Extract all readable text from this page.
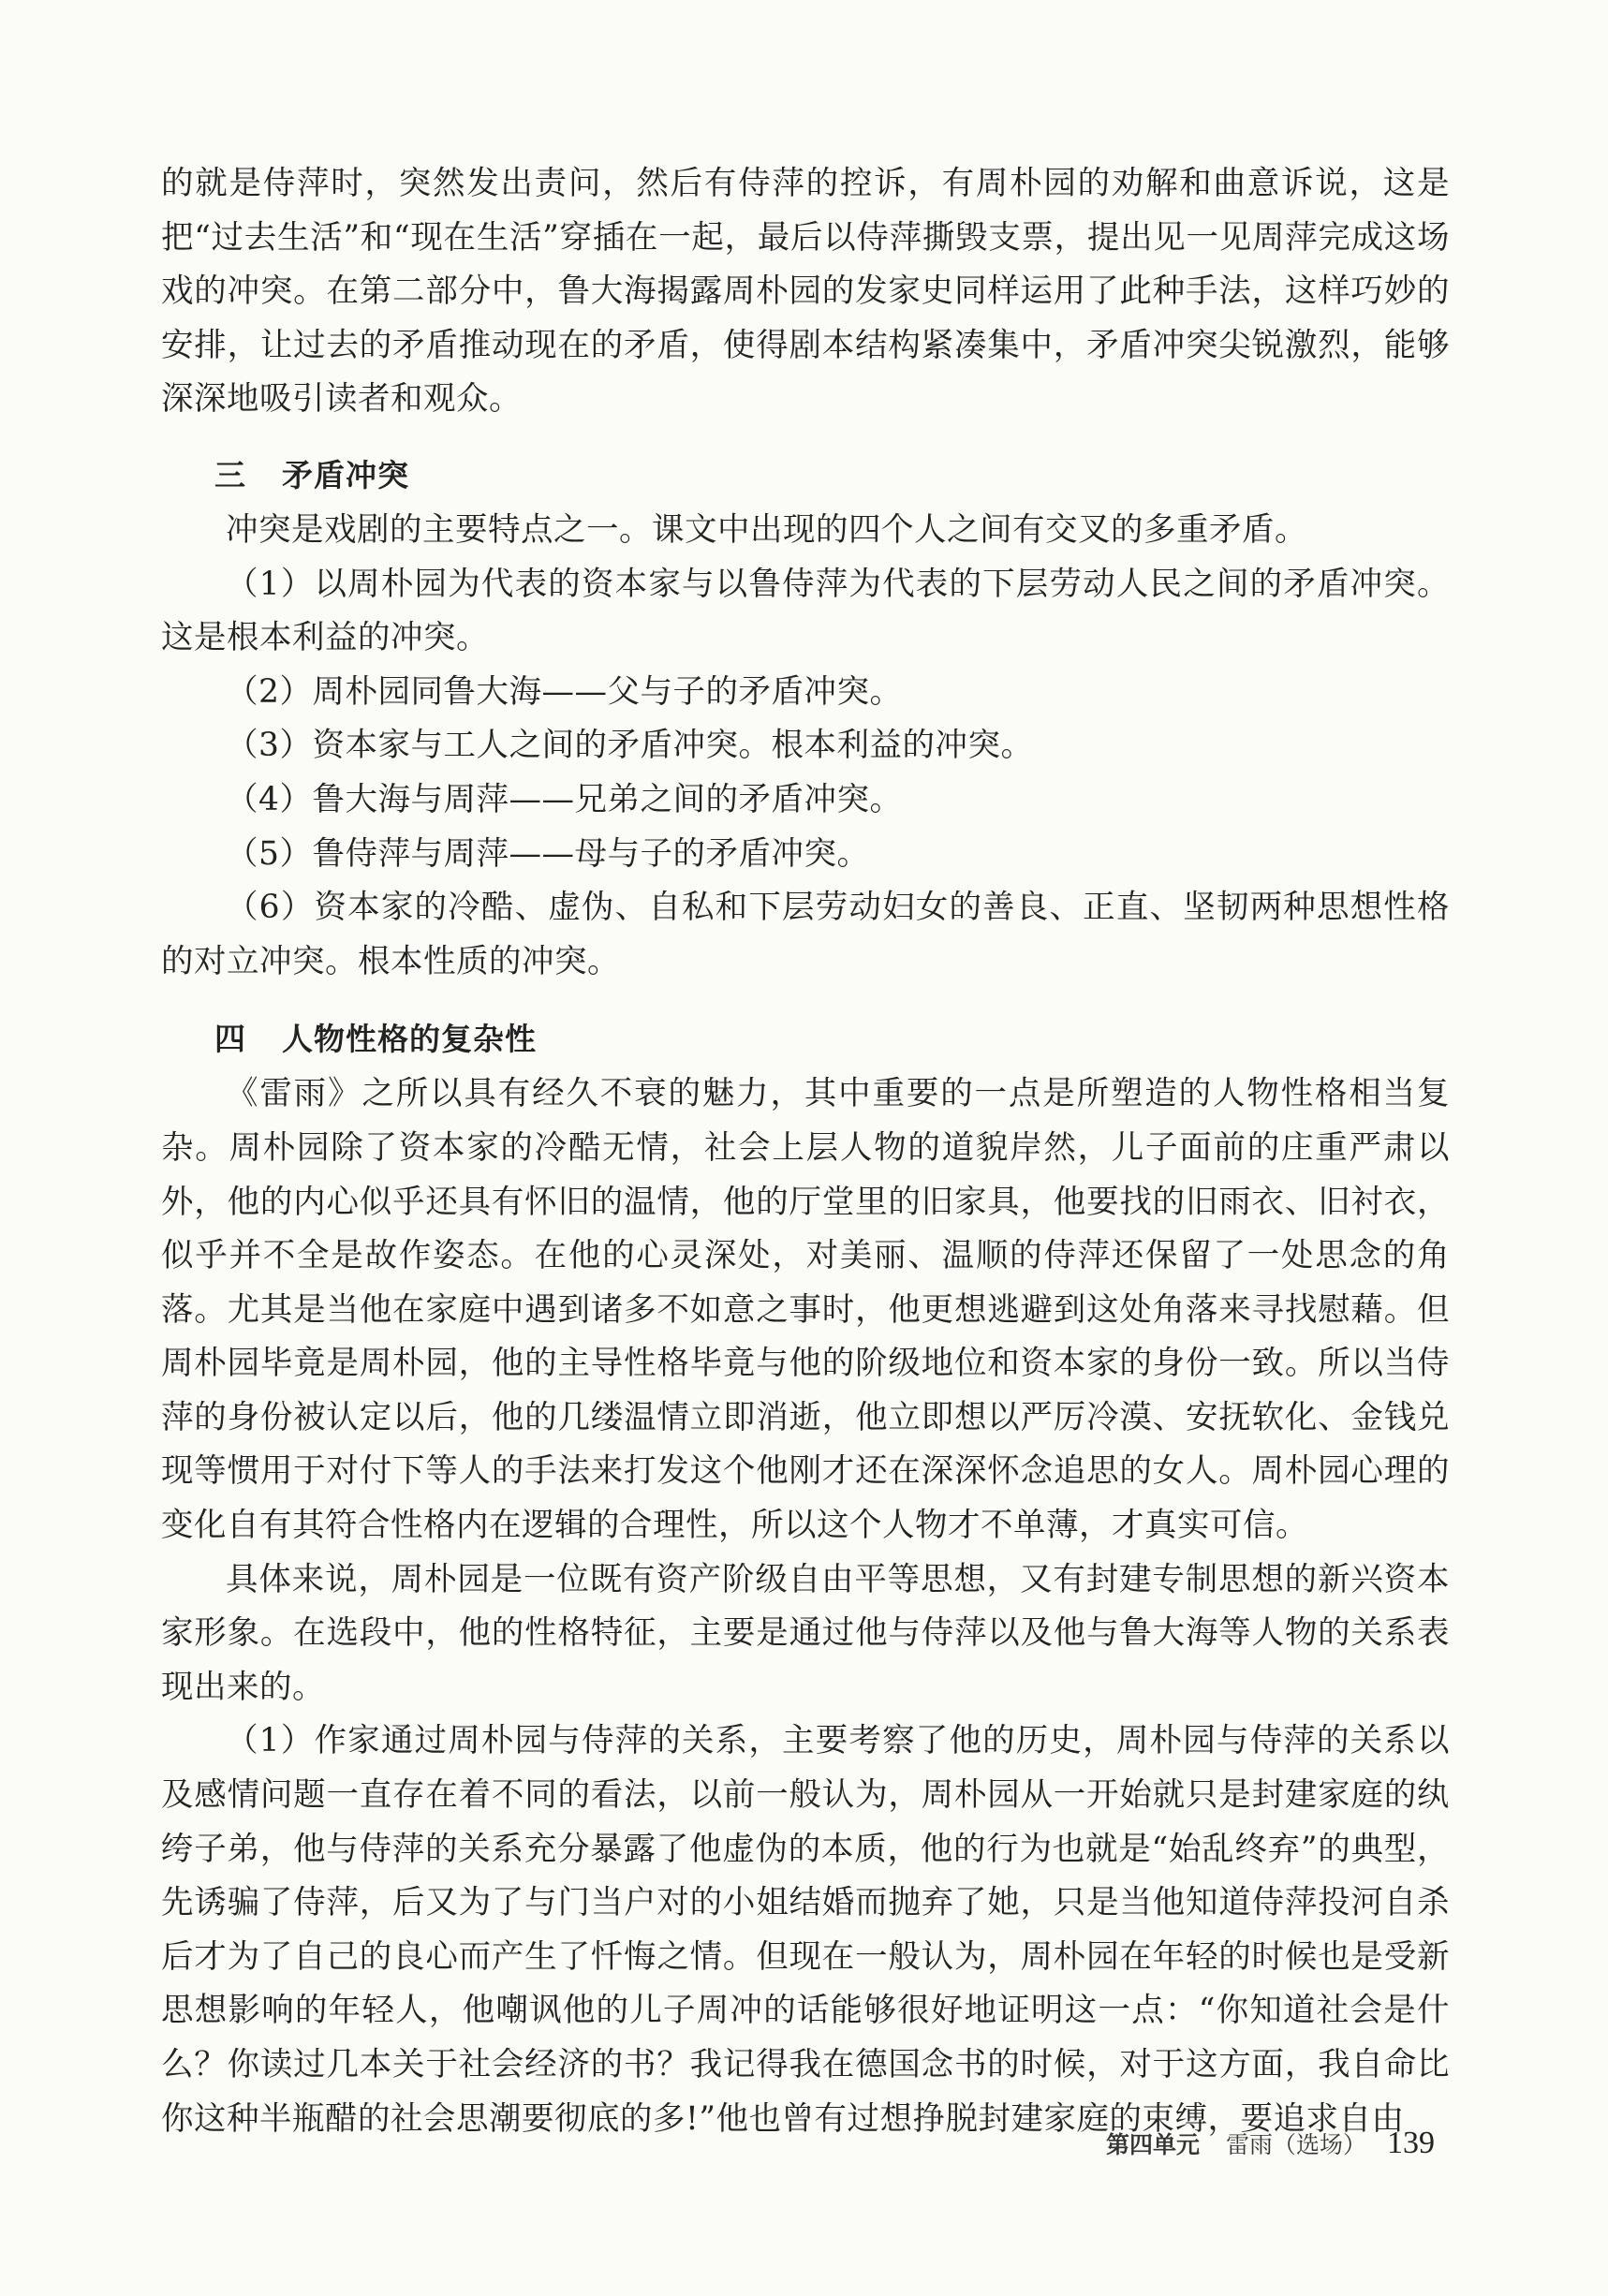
的就是侍萍时，突然发出责问，然后有侍萍的控诉，有周朴园的劝解和曲意诉说，这是把“过去生活”和“现在生活”穿插在一起，最后以侍萍撕毁支票，提出见一见周萍完成这场戏的冲突。在第二部分中，鲁大海揭露周朴园的发家史同样运用了此种手法，这样巧妙的安排，让过去的矛盾推动现在的矛盾，使得剧本结构紧凑集中，矛盾冲突尖锐激烈，能够深深地吸引读者和观众。

三 矛盾冲突

冲突是戏剧的主要特点之一。课文中出现的四个人之间有交叉的多重矛盾。

（1）以周朴园为代表的资本家与以鲁侍萍为代表的下层劳动人民之间的矛盾冲突。这是根本利益的冲突。

（2）周朴园同鲁大海——父与子的矛盾冲突。

（3）资本家与工人之间的矛盾冲突。根本利益的冲突。

（4）鲁大海与周萍——兄弟之间的矛盾冲突。

（5）鲁侍萍与周萍——母与子的矛盾冲突。

（6）资本家的冷酷、虚伪、自私和下层劳动妇女的善良、正直、坚韧两种思想性格的对立冲突。根本性质的冲突。

四 人物性格的复杂性

《雷雨》之所以具有经久不衰的魅力，其中重要的一点是所塑造的人物性格相当复杂。周朴园除了资本家的冷酷无情，社会上层人物的道貌岸然，儿子面前的庄重严肃以外，他的内心似乎还具有怀旧的温情，他的厅堂里的旧家具，他要找的旧雨衣、旧衬衣，似乎并不全是故作姿态。在他的心灵深处，对美丽、温顺的侍萍还保留了一处思念的角落。尤其是当他在家庭中遇到诸多不如意之事时，他更想逃避到这处角落来寻找慰藉。但周朴园毕竟是周朴园，他的主导性格毕竟与他的阶级地位和资本家的身份一致。所以当侍萍的身份被认定以后，他的几缕温情立即消逝，他立即想以严厉冷漠、安抚软化、金钱兑现等惯用于对付下等人的手法来打发这个他刚才还在深深怀念追思的女人。周朴园心理的变化自有其符合性格内在逻辑的合理性，所以这个人物才不单薄，才真实可信。

具体来说，周朴园是一位既有资产阶级自由平等思想，又有封建专制思想的新兴资本家形象。在选段中，他的性格特征，主要是通过他与侍萍以及他与鲁大海等人物的关系表现出来的。

（1）作家通过周朴园与侍萍的关系，主要考察了他的历史，周朴园与侍萍的关系以及感情问题一直存在着不同的看法，以前一般认为，周朴园从一开始就只是封建家庭的纨绔子弟，他与侍萍的关系充分暴露了他虚伪的本质，他的行为也就是“始乱终弃”的典型，先诱骗了侍萍，后又为了与门当户对的小姐结婚而抛弃了她，只是当他知道侍萍投河自杀后才为了自己的良心而产生了忏悔之情。但现在一般认为，周朴园在年轻的时候也是受新思想影响的年轻人，他嘲讽他的儿子周冲的话能够很好地证明这一点：“你知道社会是什么？你读过几本关于社会经济的书？我记得我在德国念书的时候，对于这方面，我自命比你这种半瓶醋的社会思潮要彻底的多!”他也曾有过想挣脱封建家庭的束缚，要追求自由

第四单元 雷雨（选场） 139
